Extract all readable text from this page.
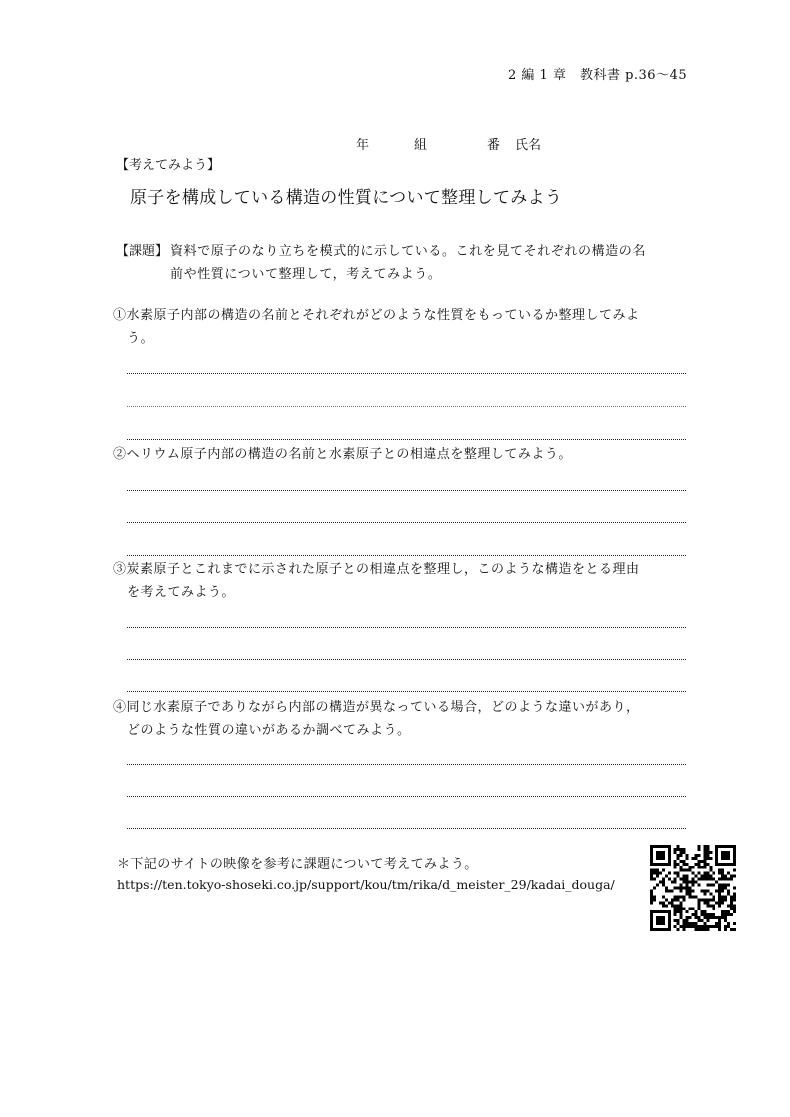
2 編 1 章　教科書 p.36～45
年	組	番 氏名
【考えてみよう】
原子を構成している構造の性質について整理してみよう
【課題】 資料で原子のなり立ちを模式的に示している。これを見てそれぞれの構造の名
前や性質について整理して，考えてみよう。
①水素原子内部の構造の名前とそれぞれがどのような性質をもっているか整理してみよ
う。
②ヘリウム原子内部の構造の名前と水素原子との相違点を整理してみよう。
③炭素原子とこれまでに示された原子との相違点を整理し，このような構造をとる理由
を考えてみよう。
④同じ水素原子でありながら内部の構造が異なっている場合，どのような違いがあり，
どのような性質の違いがあるか調べてみよう。
＊下記のサイトの映像を参考に課題について考えてみよう。
https://ten.tokyo-shoseki.co.jp/support/kou/tm/rika/d_meister_29/kadai_douga/
